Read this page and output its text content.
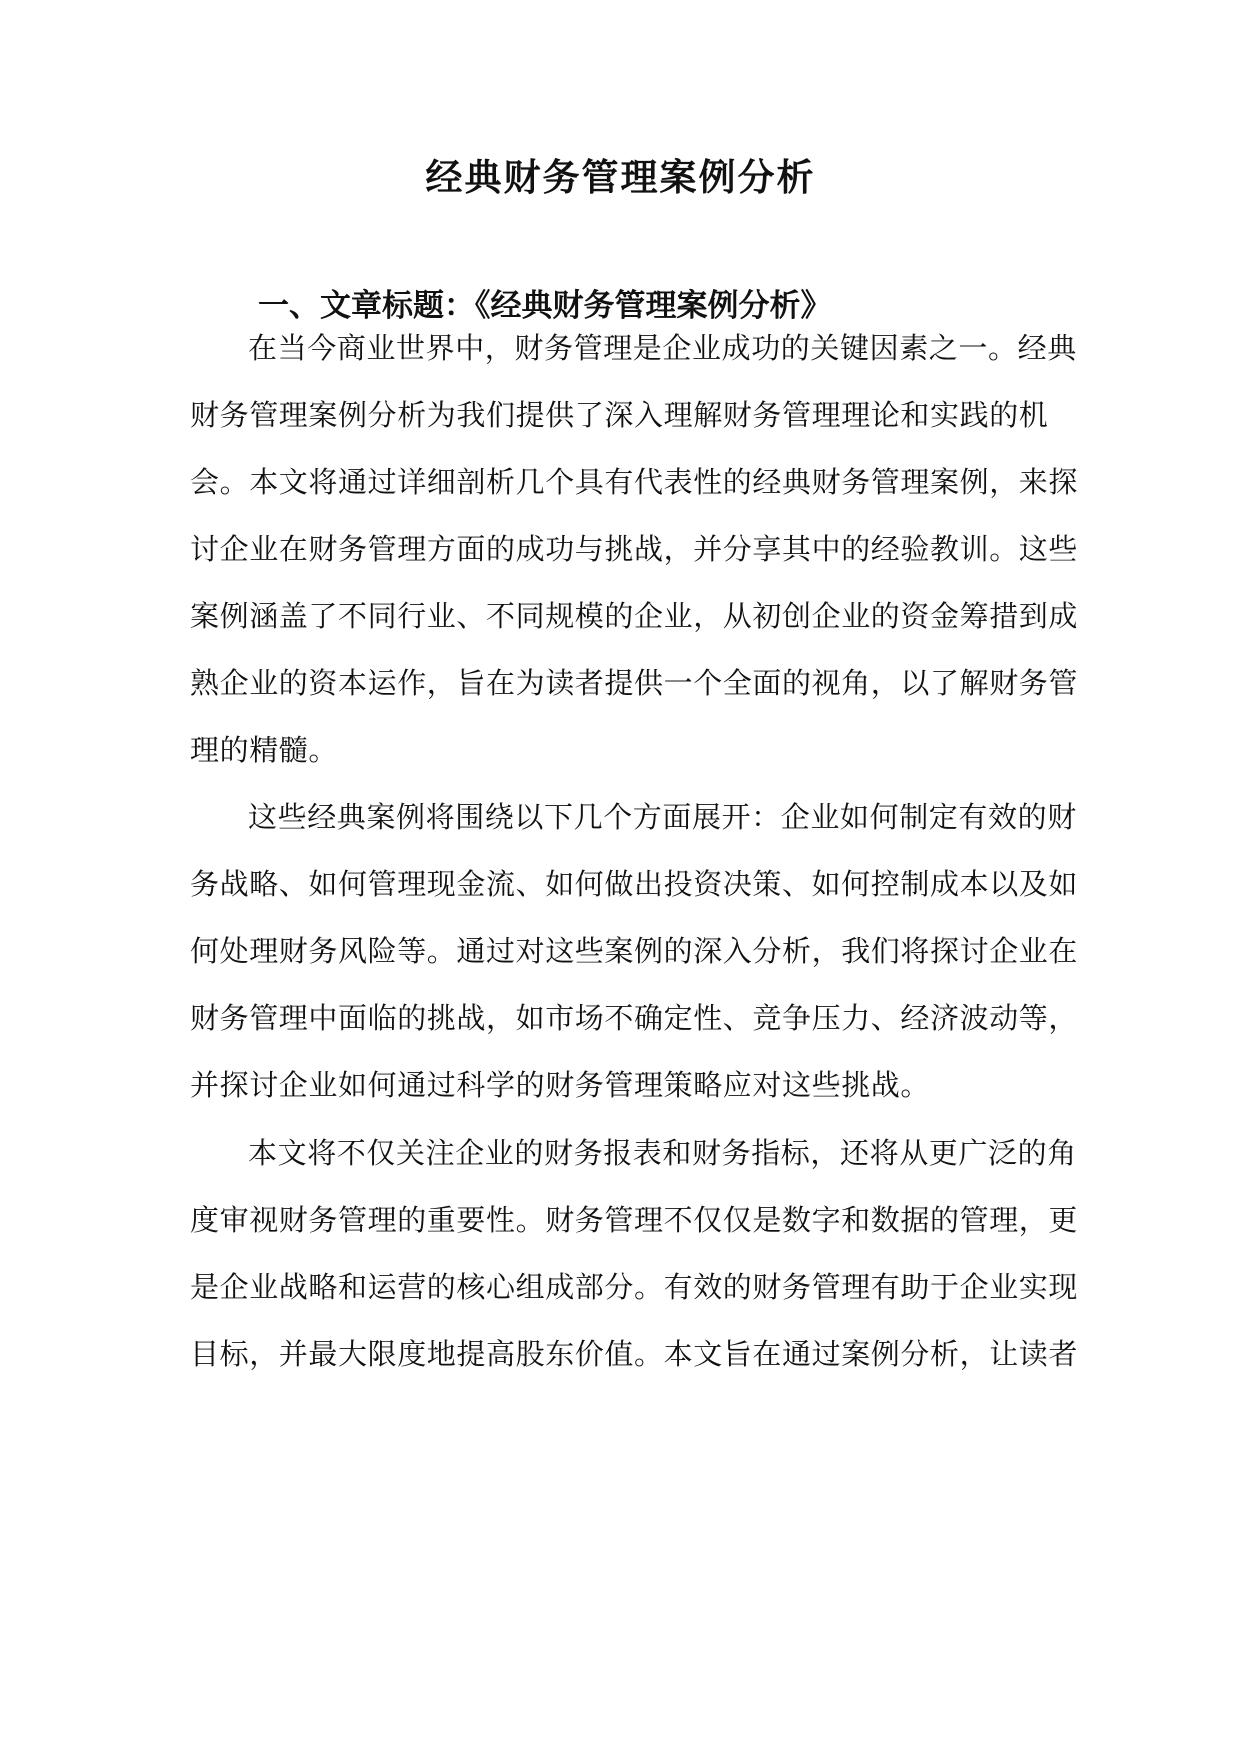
经典财务管理案例分析
一、文章标题：《经典财务管理案例分析》
在当今商业世界中，财务管理是企业成功的关键因素之一。经典
财务管理案例分析为我们提供了深入理解财务管理理论和实践的机
会。本文将通过详细剖析几个具有代表性的经典财务管理案例，来探
讨企业在财务管理方面的成功与挑战，并分享其中的经验教训。这些
案例涵盖了不同行业、不同规模的企业，从初创企业的资金筹措到成
熟企业的资本运作，旨在为读者提供一个全面的视角，以了解财务管
理的精髓。
这些经典案例将围绕以下几个方面展开：企业如何制定有效的财
务战略、如何管理现金流、如何做出投资决策、如何控制成本以及如
何处理财务风险等。通过对这些案例的深入分析，我们将探讨企业在
财务管理中面临的挑战，如市场不确定性、竞争压力、经济波动等，
并探讨企业如何通过科学的财务管理策略应对这些挑战。
本文将不仅关注企业的财务报表和财务指标，还将从更广泛的角
度审视财务管理的重要性。财务管理不仅仅是数字和数据的管理，更
是企业战略和运营的核心组成部分。有效的财务管理有助于企业实现
目标，并最大限度地提高股东价值。本文旨在通过案例分析，让读者
